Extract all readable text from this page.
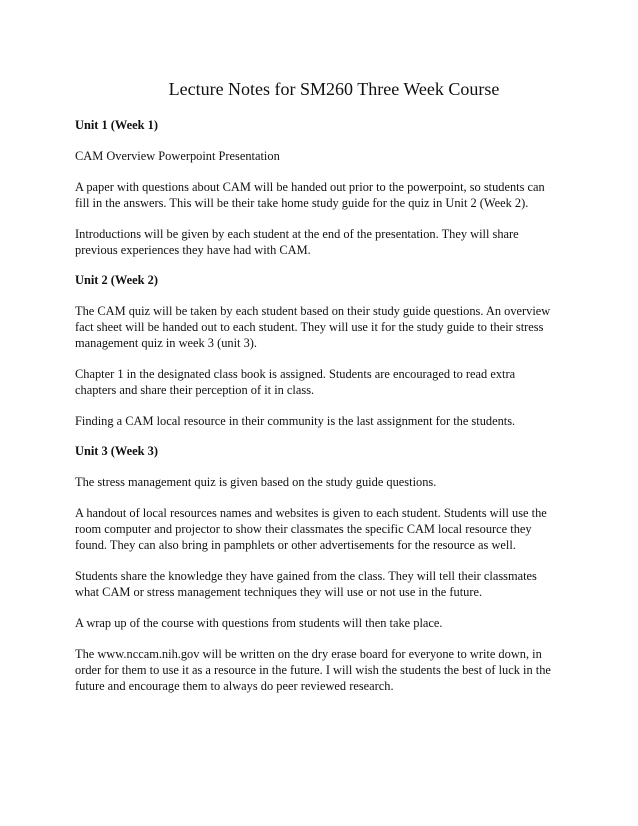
Lecture Notes for SM260 Three Week Course
Unit 1 (Week 1)

CAM Overview Powerpoint Presentation

A paper with questions about CAM will be handed out prior to the powerpoint, so students can
fill in the answers. This will be their take home study guide for the quiz in Unit 2 (Week 2).

Introductions will be given by each student at the end of the presentation. They will share
previous experiences they have had with CAM.

Unit 2 (Week 2)

The CAM quiz will be taken by each student based on their study guide questions. An overview
fact sheet will be handed out to each student. They will use it for the study guide to their stress
management quiz in week 3 (unit 3).

Chapter 1 in the designated class book is assigned. Students are encouraged to read extra
chapters and share their perception of it in class.

Finding a CAM local resource in their community is the last assignment for the students.

Unit 3 (Week 3)

The stress management quiz is given based on the study guide questions.

A handout of local resources names and websites is given to each student. Students will use the
room computer and projector to show their classmates the specific CAM local resource they
found. They can also bring in pamphlets or other advertisements for the resource as well.

Students share the knowledge they have gained from the class. They will tell their classmates
what CAM or stress management techniques they will use or not use in the future.

A wrap up of the course with questions from students will then take place.

The www.nccam.nih.gov will be written on the dry erase board for everyone to write down, in
order for them to use it as a resource in the future. I will wish the students the best of luck in the
future and encourage them to always do peer reviewed research.
